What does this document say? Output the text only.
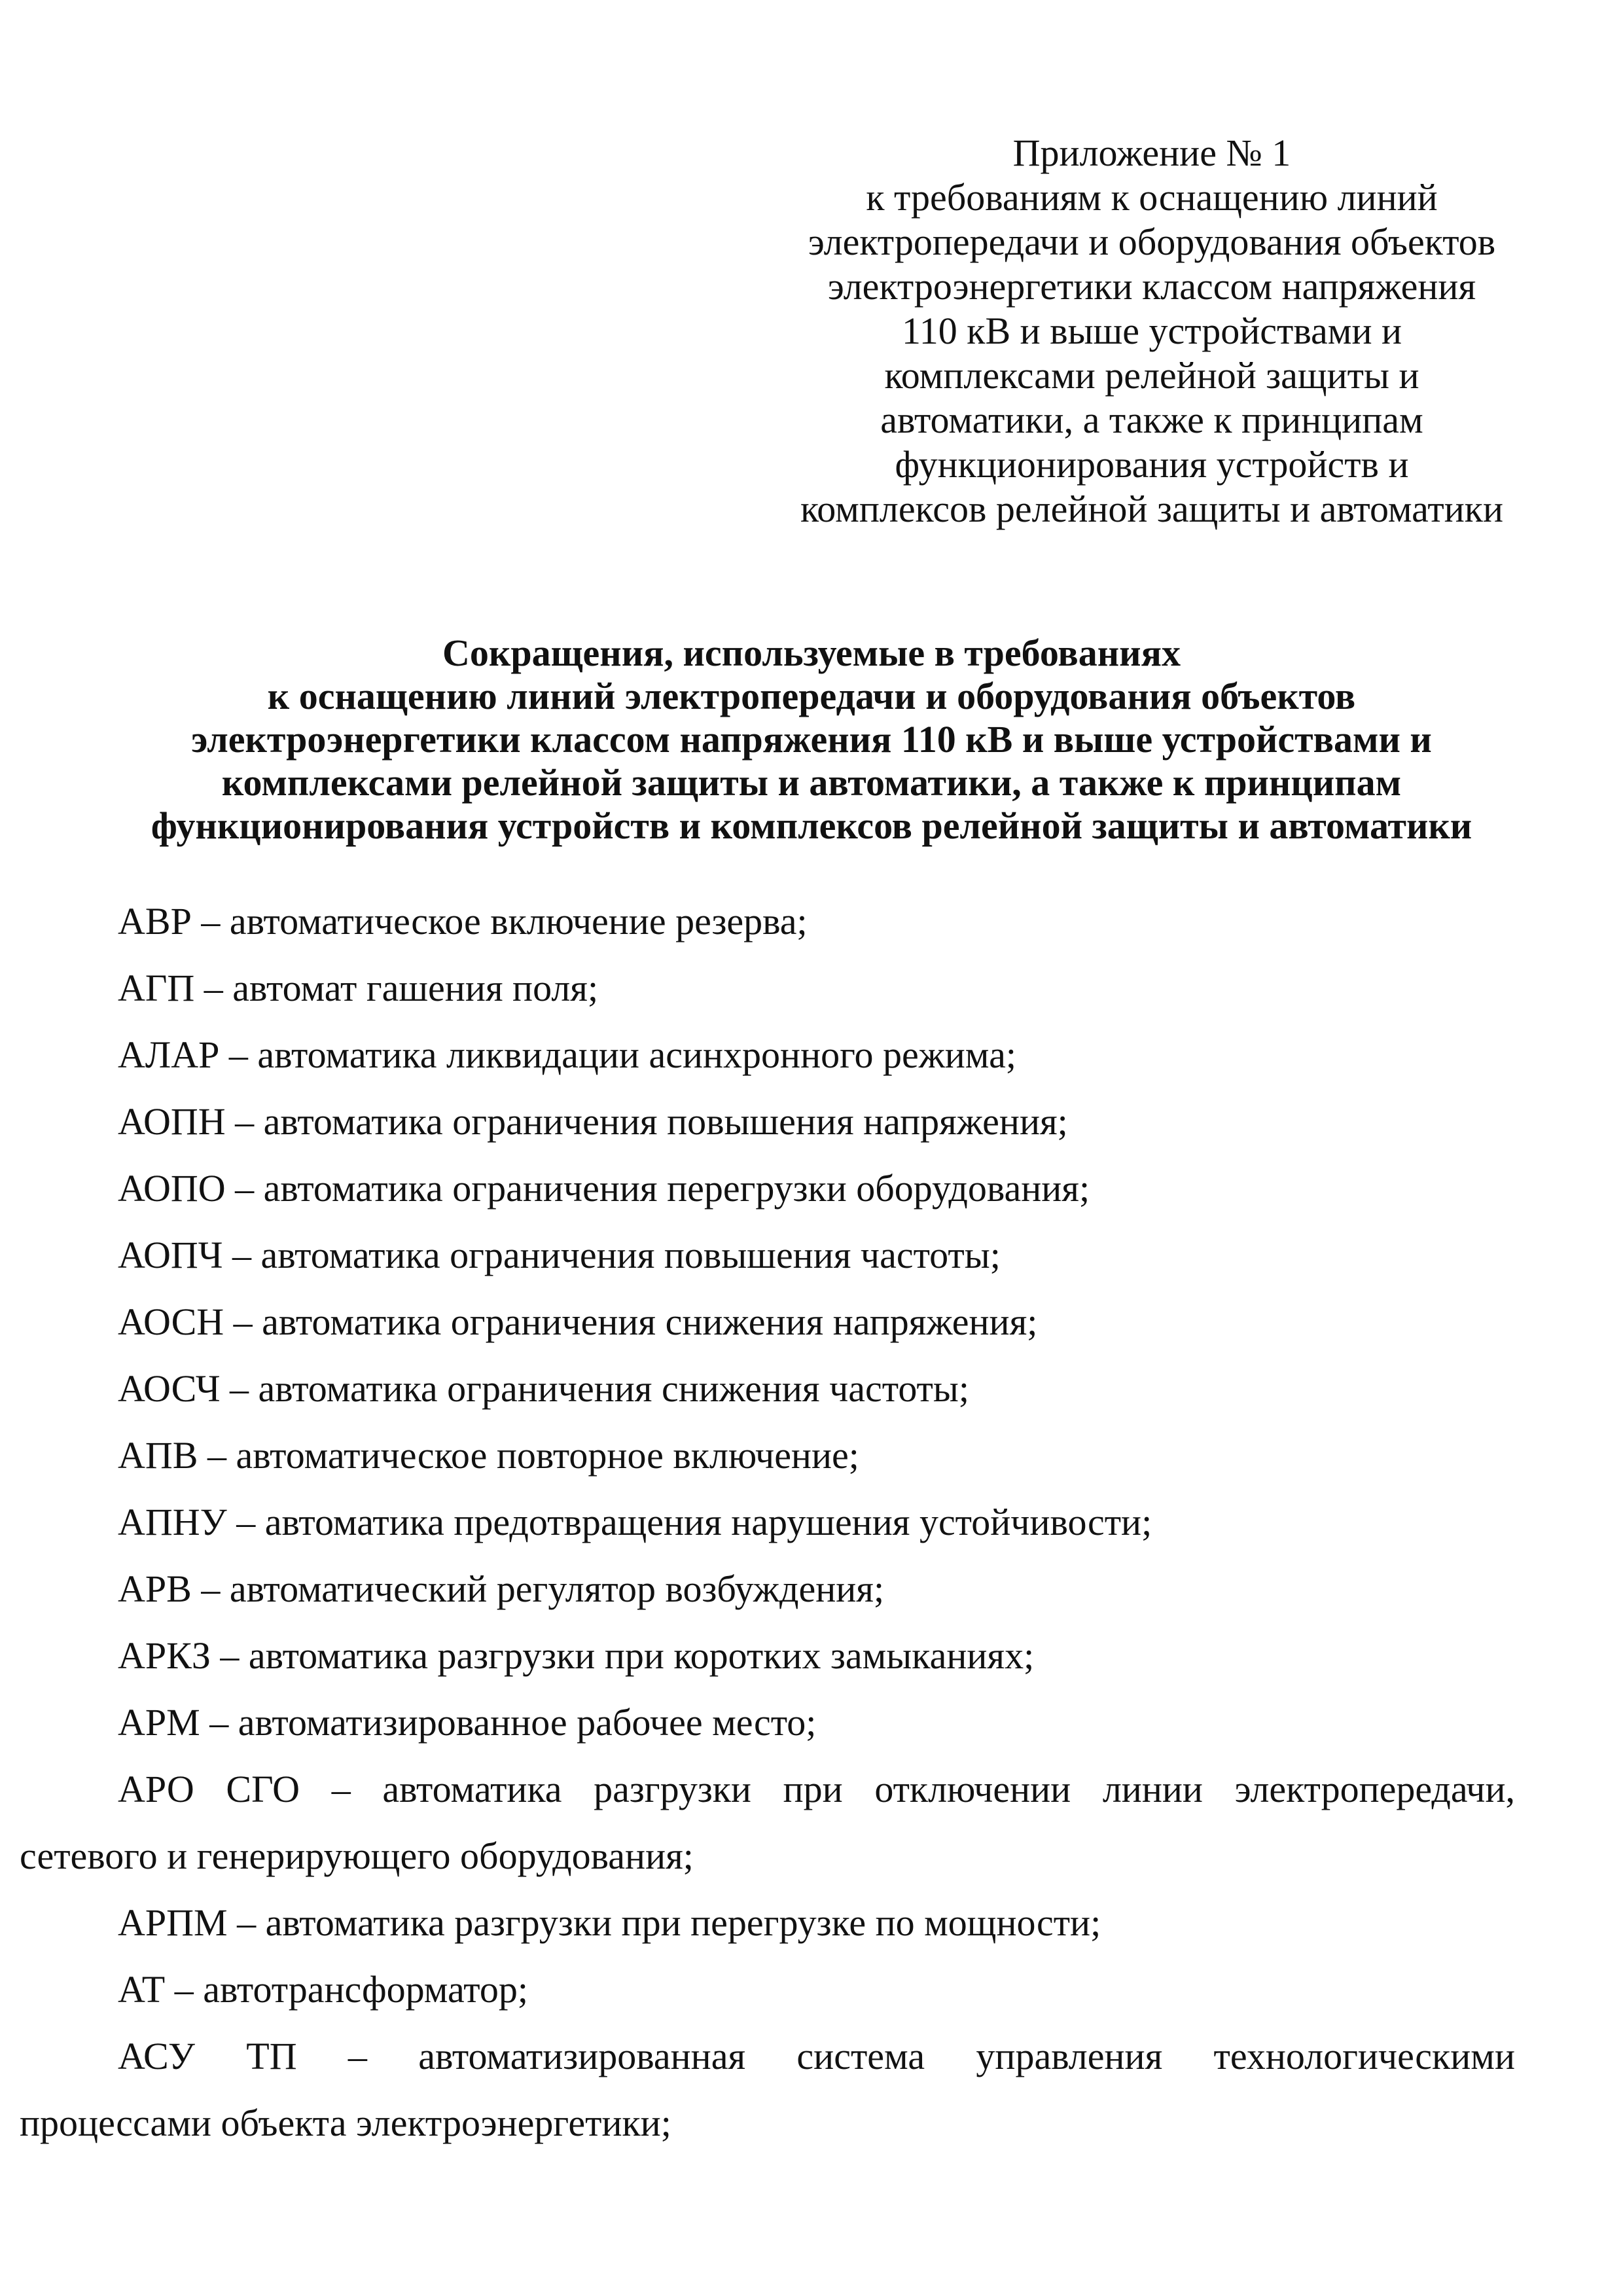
Приложение № 1
к требованиям к оснащению линий
электропередачи и оборудования объектов
электроэнергетики классом напряжения
110 кВ и выше устройствами и
комплексами релейной защиты и
автоматики, а также к принципам
функционирования устройств и
комплексов релейной защиты и автоматики
Сокращения, используемые в требованиях
к оснащению линий электропередачи и оборудования объектов
электроэнергетики классом напряжения 110 кВ и выше устройствами и
комплексами релейной защиты и автоматики, а также к принципам
функционирования устройств и комплексов релейной защиты и автоматики
АВР – автоматическое включение резерва;
АГП – автомат гашения поля;
АЛАР – автоматика ликвидации асинхронного режима;
АОПН – автоматика ограничения повышения напряжения;
АОПО – автоматика ограничения перегрузки оборудования;
АОПЧ – автоматика ограничения повышения частоты;
АОСН – автоматика ограничения снижения напряжения;
АОСЧ – автоматика ограничения снижения частоты;
АПВ – автоматическое повторное включение;
АПНУ – автоматика предотвращения нарушения устойчивости;
АРВ – автоматический регулятор возбуждения;
АРКЗ – автоматика разгрузки при коротких замыканиях;
АРМ – автоматизированное рабочее место;
АРО СГО – автоматика разгрузки при отключении линии электропередачи,
сетевого и генерирующего оборудования;
АРПМ – автоматика разгрузки при перегрузке по мощности;
АТ – автотрансформатор;
АСУ ТП – автоматизированная система управления технологическими
процессами объекта электроэнергетики;
